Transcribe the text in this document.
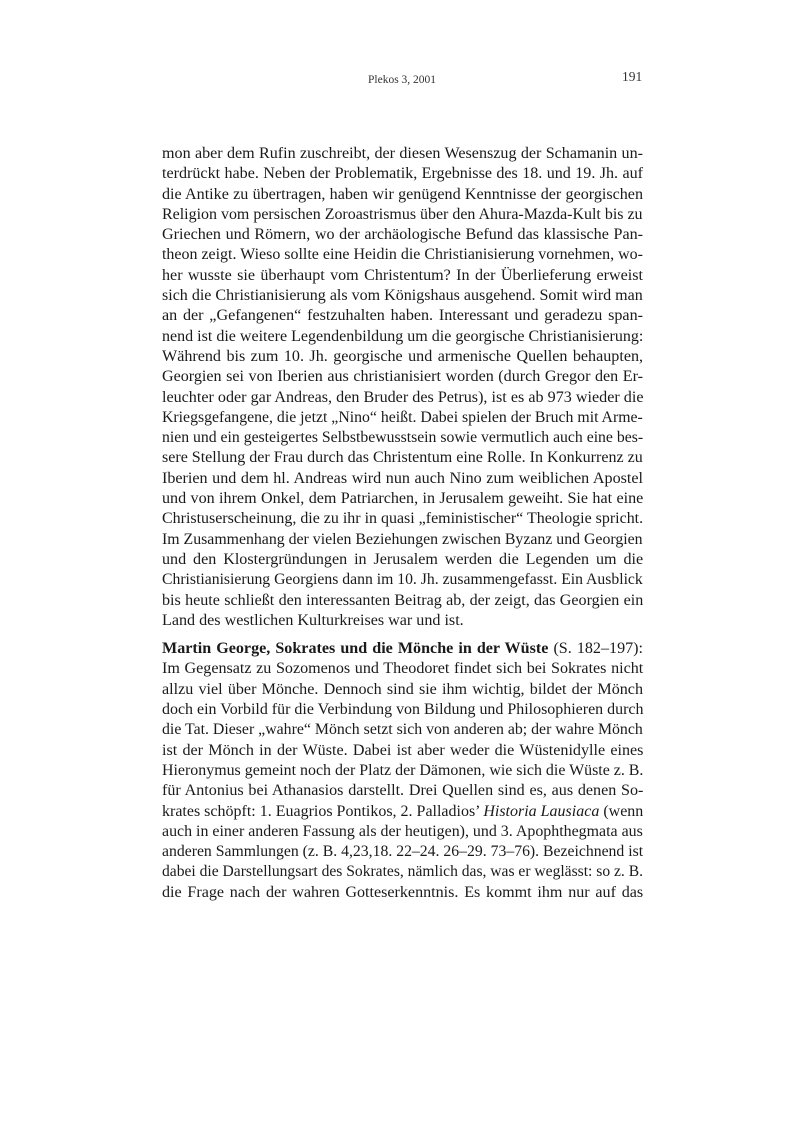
Plekos 3, 2001	191

mon aber dem Rufin zuschreibt, der diesen Wesenszug der Schamanin un-
terdrückt habe. Neben der Problematik, Ergebnisse des 18. und 19. Jh. auf
die Antike zu übertragen, haben wir genügend Kenntnisse der georgischen
Religion vom persischen Zoroastrismus über den Ahura-Mazda-Kult bis zu
Griechen und Römern, wo der archäologische Befund das klassische Pan-
theon zeigt. Wieso sollte eine Heidin die Christianisierung vornehmen, wo-
her wusste sie überhaupt vom Christentum? In der Überlieferung erweist
sich die Christianisierung als vom Königshaus ausgehend. Somit wird man
an der „Gefangenen“ festzuhalten haben. Interessant und geradezu span-
nend ist die weitere Legendenbildung um die georgische Christianisierung:
Während bis zum 10. Jh. georgische und armenische Quellen behaupten,
Georgien sei von Iberien aus christianisiert worden (durch Gregor den Er-
leuchter oder gar Andreas, den Bruder des Petrus), ist es ab 973 wieder die
Kriegsgefangene, die jetzt „Nino“ heißt. Dabei spielen der Bruch mit Arme-
nien und ein gesteigertes Selbstbewusstsein sowie vermutlich auch eine bes-
sere Stellung der Frau durch das Christentum eine Rolle. In Konkurrenz zu
Iberien und dem hl. Andreas wird nun auch Nino zum weiblichen Apostel
und von ihrem Onkel, dem Patriarchen, in Jerusalem geweiht. Sie hat eine
Christuserscheinung, die zu ihr in quasi „feministischer“ Theologie spricht.
Im Zusammenhang der vielen Beziehungen zwischen Byzanz und Georgien
und den Klostergründungen in Jerusalem werden die Legenden um die
Christianisierung Georgiens dann im 10. Jh. zusammengefasst. Ein Ausblick
bis heute schließt den interessanten Beitrag ab, der zeigt, das Georgien ein
Land des westlichen Kulturkreises war und ist.

Martin George, Sokrates und die Mönche in der Wüste (S. 182–197):
Im Gegensatz zu Sozomenos und Theodoret findet sich bei Sokrates nicht
allzu viel über Mönche. Dennoch sind sie ihm wichtig, bildet der Mönch
doch ein Vorbild für die Verbindung von Bildung und Philosophieren durch
die Tat. Dieser „wahre“ Mönch setzt sich von anderen ab; der wahre Mönch
ist der Mönch in der Wüste. Dabei ist aber weder die Wüstenidylle eines
Hieronymus gemeint noch der Platz der Dämonen, wie sich die Wüste z. B.
für Antonius bei Athanasios darstellt. Drei Quellen sind es, aus denen So-
krates schöpft: 1. Euagrios Pontikos, 2. Palladios’ Historia Lausiaca (wenn
auch in einer anderen Fassung als der heutigen), und 3. Apophthegmata aus
anderen Sammlungen (z. B. 4,23,18. 22–24. 26–29. 73–76). Bezeichnend ist
dabei die Darstellungsart des Sokrates, nämlich das, was er weglässt: so z. B.
die Frage nach der wahren Gotteserkenntnis. Es kommt ihm nur auf das
